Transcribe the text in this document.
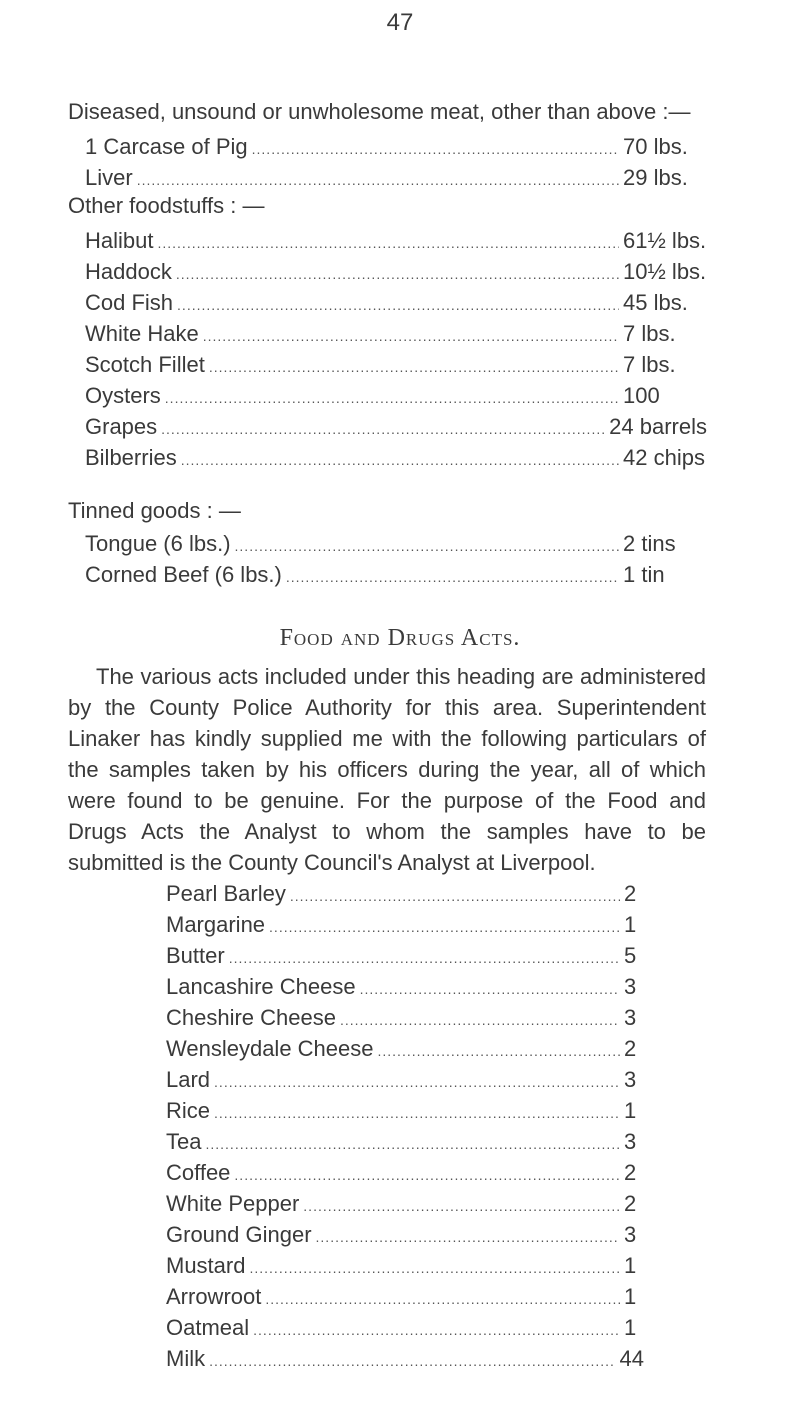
47
Diseased, unsound or unwholesome meat, other than above :—
1 Carcase of Pig .....	70 lbs.
Liver .....	29 lbs.
Other foodstuffs : —
Halibut .....	61½ lbs.
Haddock .....	10½ lbs.
Cod Fish .....	45 lbs.
White Hake .....	7 lbs.
Scotch Fillet .....	7 lbs.
Oysters .....	100
Grapes .....	24 barrels
Bilberries .....	42 chips
Tinned goods : —
Tongue (6 lbs.) .....	2 tins
Corned Beef (6 lbs.) .....	1 tin
Food and Drugs Acts.

The various acts included under this heading are administered by the County Police Authority for this area. Superintendent Linaker has kindly supplied me with the following particulars of the samples taken by his officers during the year, all of which were found to be genuine. For the purpose of the Food and Drugs Acts the Analyst to whom the samples have to be submitted is the County Council's Analyst at Liverpool.

Pearl Barley .....	2
Margarine .....	1
Butter .....	5
Lancashire Cheese .....	3
Cheshire Cheese .....	3
Wensleydale Cheese .....	2
Lard .....	3
Rice .....	1
Tea .....	3
Coffee .....	2
White Pepper .....	2
Ground Ginger .....	3
Mustard .....	1
Arrowroot .....	1
Oatmeal .....	1
Milk .....	44
